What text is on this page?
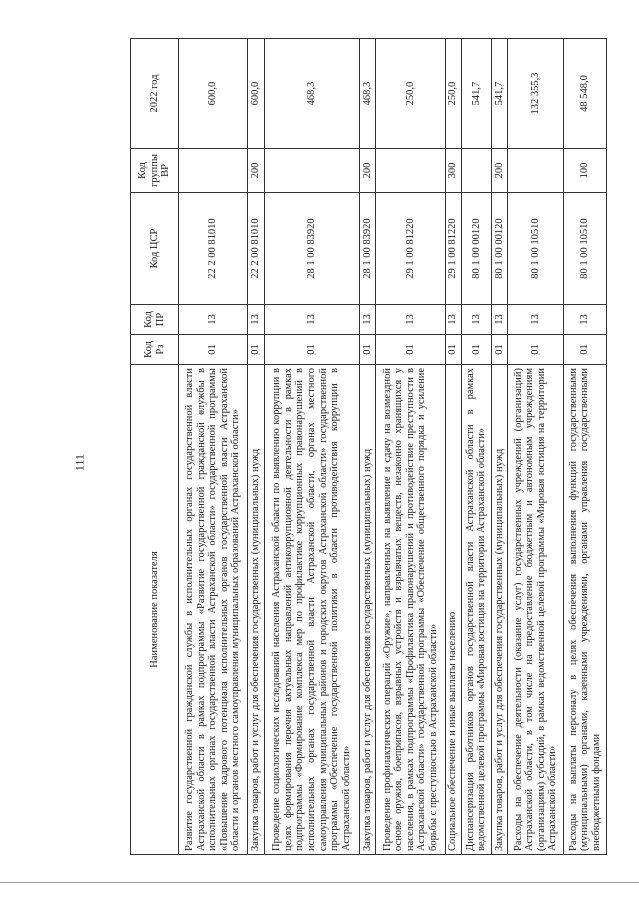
111
Наименование показателя	Код Рз	Код ПР	Код ЦСР	Код группы ВР	2022 год
Развитие государственной гражданской службы в исполнительных органах государственной власти Астраханской области в рамках подпрограммы «Развитие государственной гражданской службы в исполнительных органах государственной власти Астраханской области» государственной программы «Повышение кадрового потенциала исполнительных органов государственной власти Астраханской области и органов местного самоуправления муниципальных образований Астраханской области»	01	13	22 2 00 81010		600,0
Закупка товаров, работ и услуг для обеспечения государственных (муниципальных) нужд	01	13	22 2 00 81010	200	600,0
Проведение социологических исследований населения Астраханской области по выявлению коррупции в целях формирования перечня актуальных направлений антикоррупционной деятельности в рамках подпрограммы «Формирование комплекса мер по профилактике коррупционных правонарушений в исполнительных органах государственной власти Астраханской области, органах местного самоуправления муниципальных районов и городских округов Астраханской области» государственной программы «Обеспечение государственной политики в области противодействия коррупции в Астраханской области»	01	13	28 1 00 83920		468,3
Закупка товаров, работ и услуг для обеспечения государственных (муниципальных) нужд	01	13	28 1 00 83920	200	468,3
Проведение профилактических операций «Оружие», направленных на выявление и сдачу на возмездной основе оружия, боеприпасов, взрывных устройств и взрывчатых веществ, незаконно хранящихся у населения, в рамках подпрограммы «Профилактика правонарушений и противодействие преступности в Астраханской области» государственной программы «Обеспечение общественного порядка и усиление борьбы с преступностью в Астраханской области»	01	13	29 1 00 81220		250,0
Социальное обеспечение и иные выплаты населению	01	13	29 1 00 81220	300	250,0
Диспансеризация работников органов государственной власти Астраханской области в рамках ведомственной целевой программы «Мировая юстиция на территории Астраханской области»	01	13	80 1 00 00120		541,7
Закупка товаров, работ и услуг для обеспечения государственных (муниципальных) нужд	01	13	80 1 00 00120	200	541,7
Расходы на обеспечение деятельности (оказание услуг) государственных учреждений (организаций) Астраханской области, в том числе на предоставление бюджетным и автономным учреждениям (организациям) субсидий, в рамках ведомственной целевой программы «Мировая юстиция на территории Астраханской области»	01	13	80 1 00 10510		132 355,3
Расходы на выплаты персоналу в целях обеспечения выполнения функций государственными (муниципальными) органами, казенными учреждениями, органами управления государственными внебюджетными фондами	01	13	80 1 00 10510	100	48 548,0
